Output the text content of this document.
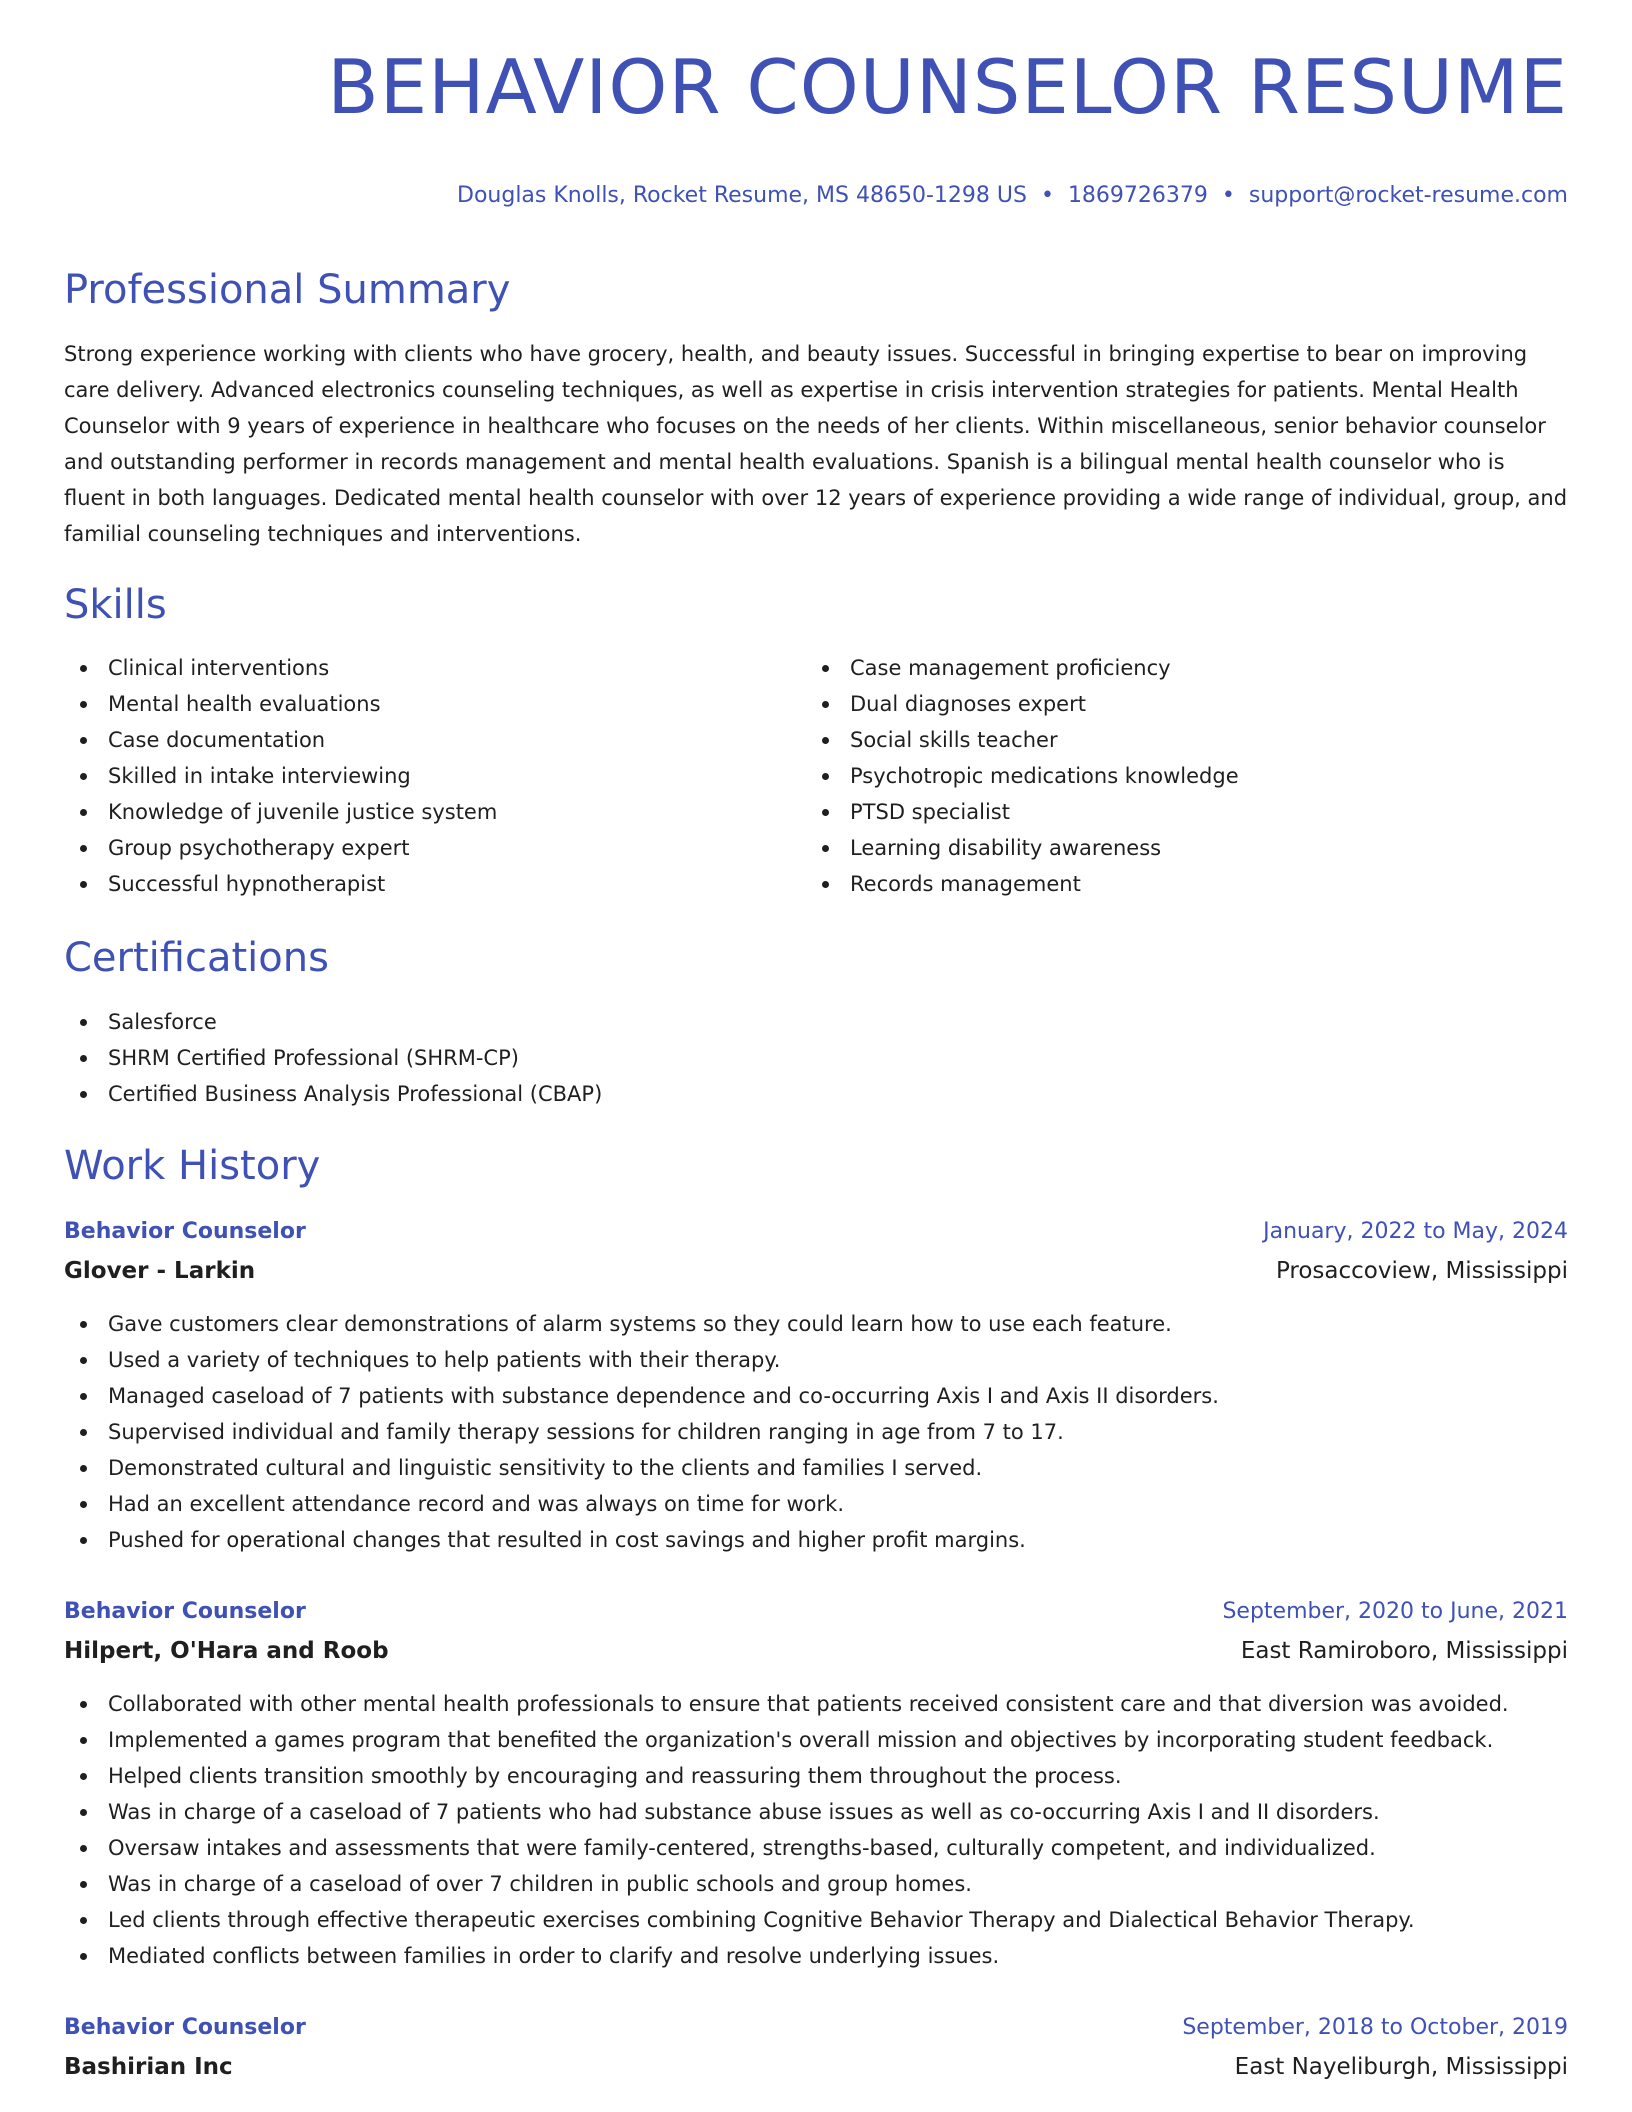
BEHAVIOR COUNSELOR RESUME
Douglas Knolls, Rocket Resume, MS 48650-1298 US • 1869726379 • support@rocket-resume.com
Professional Summary

Strong experience working with clients who have grocery, health, and beauty issues. Successful in bringing expertise to bear on improving care delivery. Advanced electronics counseling techniques, as well as expertise in crisis intervention strategies for patients. Mental Health Counselor with 9 years of experience in healthcare who focuses on the needs of her clients. Within miscellaneous, senior behavior counselor and outstanding performer in records management and mental health evaluations. Spanish is a bilingual mental health counselor who is fluent in both languages. Dedicated mental health counselor with over 12 years of experience providing a wide range of individual, group, and familial counseling techniques and interventions.

Skills
Clinical interventions
Mental health evaluations
Case documentation
Skilled in intake interviewing
Knowledge of juvenile justice system
Group psychotherapy expert
Successful hypnotherapist
Case management proficiency
Dual diagnoses expert
Social skills teacher
Psychotropic medications knowledge
PTSD specialist
Learning disability awareness
Records management
Certifications
Salesforce
SHRM Certified Professional (SHRM-CP)
Certified Business Analysis Professional (CBAP)
Work History
Behavior Counselor	January, 2022 to May, 2024
Glover - Larkin	Prosaccoview, Mississippi
Gave customers clear demonstrations of alarm systems so they could learn how to use each feature.
Used a variety of techniques to help patients with their therapy.
Managed caseload of 7 patients with substance dependence and co-occurring Axis I and Axis II disorders.
Supervised individual and family therapy sessions for children ranging in age from 7 to 17.
Demonstrated cultural and linguistic sensitivity to the clients and families I served.
Had an excellent attendance record and was always on time for work.
Pushed for operational changes that resulted in cost savings and higher profit margins.
Behavior Counselor	September, 2020 to June, 2021
Hilpert, O'Hara and Roob	East Ramiroboro, Mississippi
Collaborated with other mental health professionals to ensure that patients received consistent care and that diversion was avoided.
Implemented a games program that benefited the organization's overall mission and objectives by incorporating student feedback.
Helped clients transition smoothly by encouraging and reassuring them throughout the process.
Was in charge of a caseload of 7 patients who had substance abuse issues as well as co-occurring Axis I and II disorders.
Oversaw intakes and assessments that were family-centered, strengths-based, culturally competent, and individualized.
Was in charge of a caseload of over 7 children in public schools and group homes.
Led clients through effective therapeutic exercises combining Cognitive Behavior Therapy and Dialectical Behavior Therapy.
Mediated conflicts between families in order to clarify and resolve underlying issues.
Behavior Counselor	September, 2018 to October, 2019
Bashirian Inc	East Nayeliburgh, Mississippi
